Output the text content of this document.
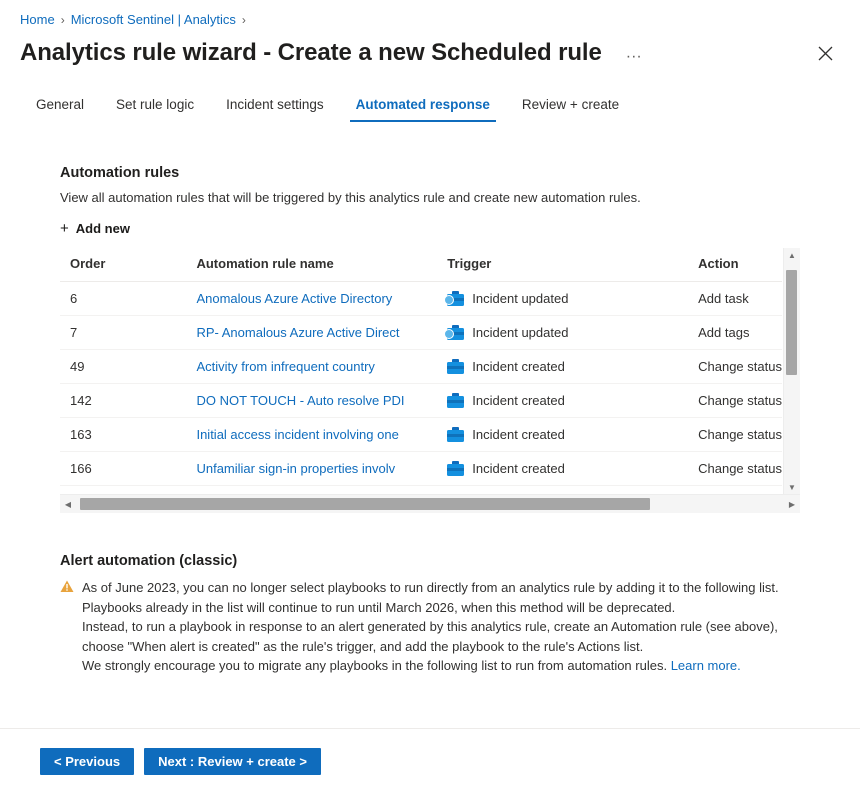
Home › Microsoft Sentinel | Analytics ›
Analytics rule wizard - Create a new Scheduled rule	···
General	Set rule logic	Incident settings	Automated response	Review + create
Automation rules
View all automation rules that will be triggered by this analytics rule and create new automation rules.
+ Add new
Order	Automation rule name	Trigger	Action
6	Anomalous Azure Active Directory	Incident updated	Add task
7	RP- Anomalous Azure Active Direct	Incident updated	Add tags
49	Activity from infrequent country	Incident created	Change status
142	DO NOT TOUCH - Auto resolve PDI	Incident created	Change status
163	Initial access incident involving one	Incident created	Change status
166	Unfamiliar sign-in properties involv	Incident created	Change status

▲
▼
◀	▶
Alert automation (classic)

As of June 2023, you can no longer select playbooks to run directly from an analytics rule by adding it to the following list. Playbooks already in the list will continue to run until March 2026, when this method will be deprecated.

Instead, to run a playbook in response to an alert generated by this analytics rule, create an Automation rule (see above), choose "When alert is created" as the rule's trigger, and add the playbook to the rule's Actions list.

We strongly encourage you to migrate any playbooks in the following list to run from automation rules. Learn more.

< Previous	Next : Review + create >
